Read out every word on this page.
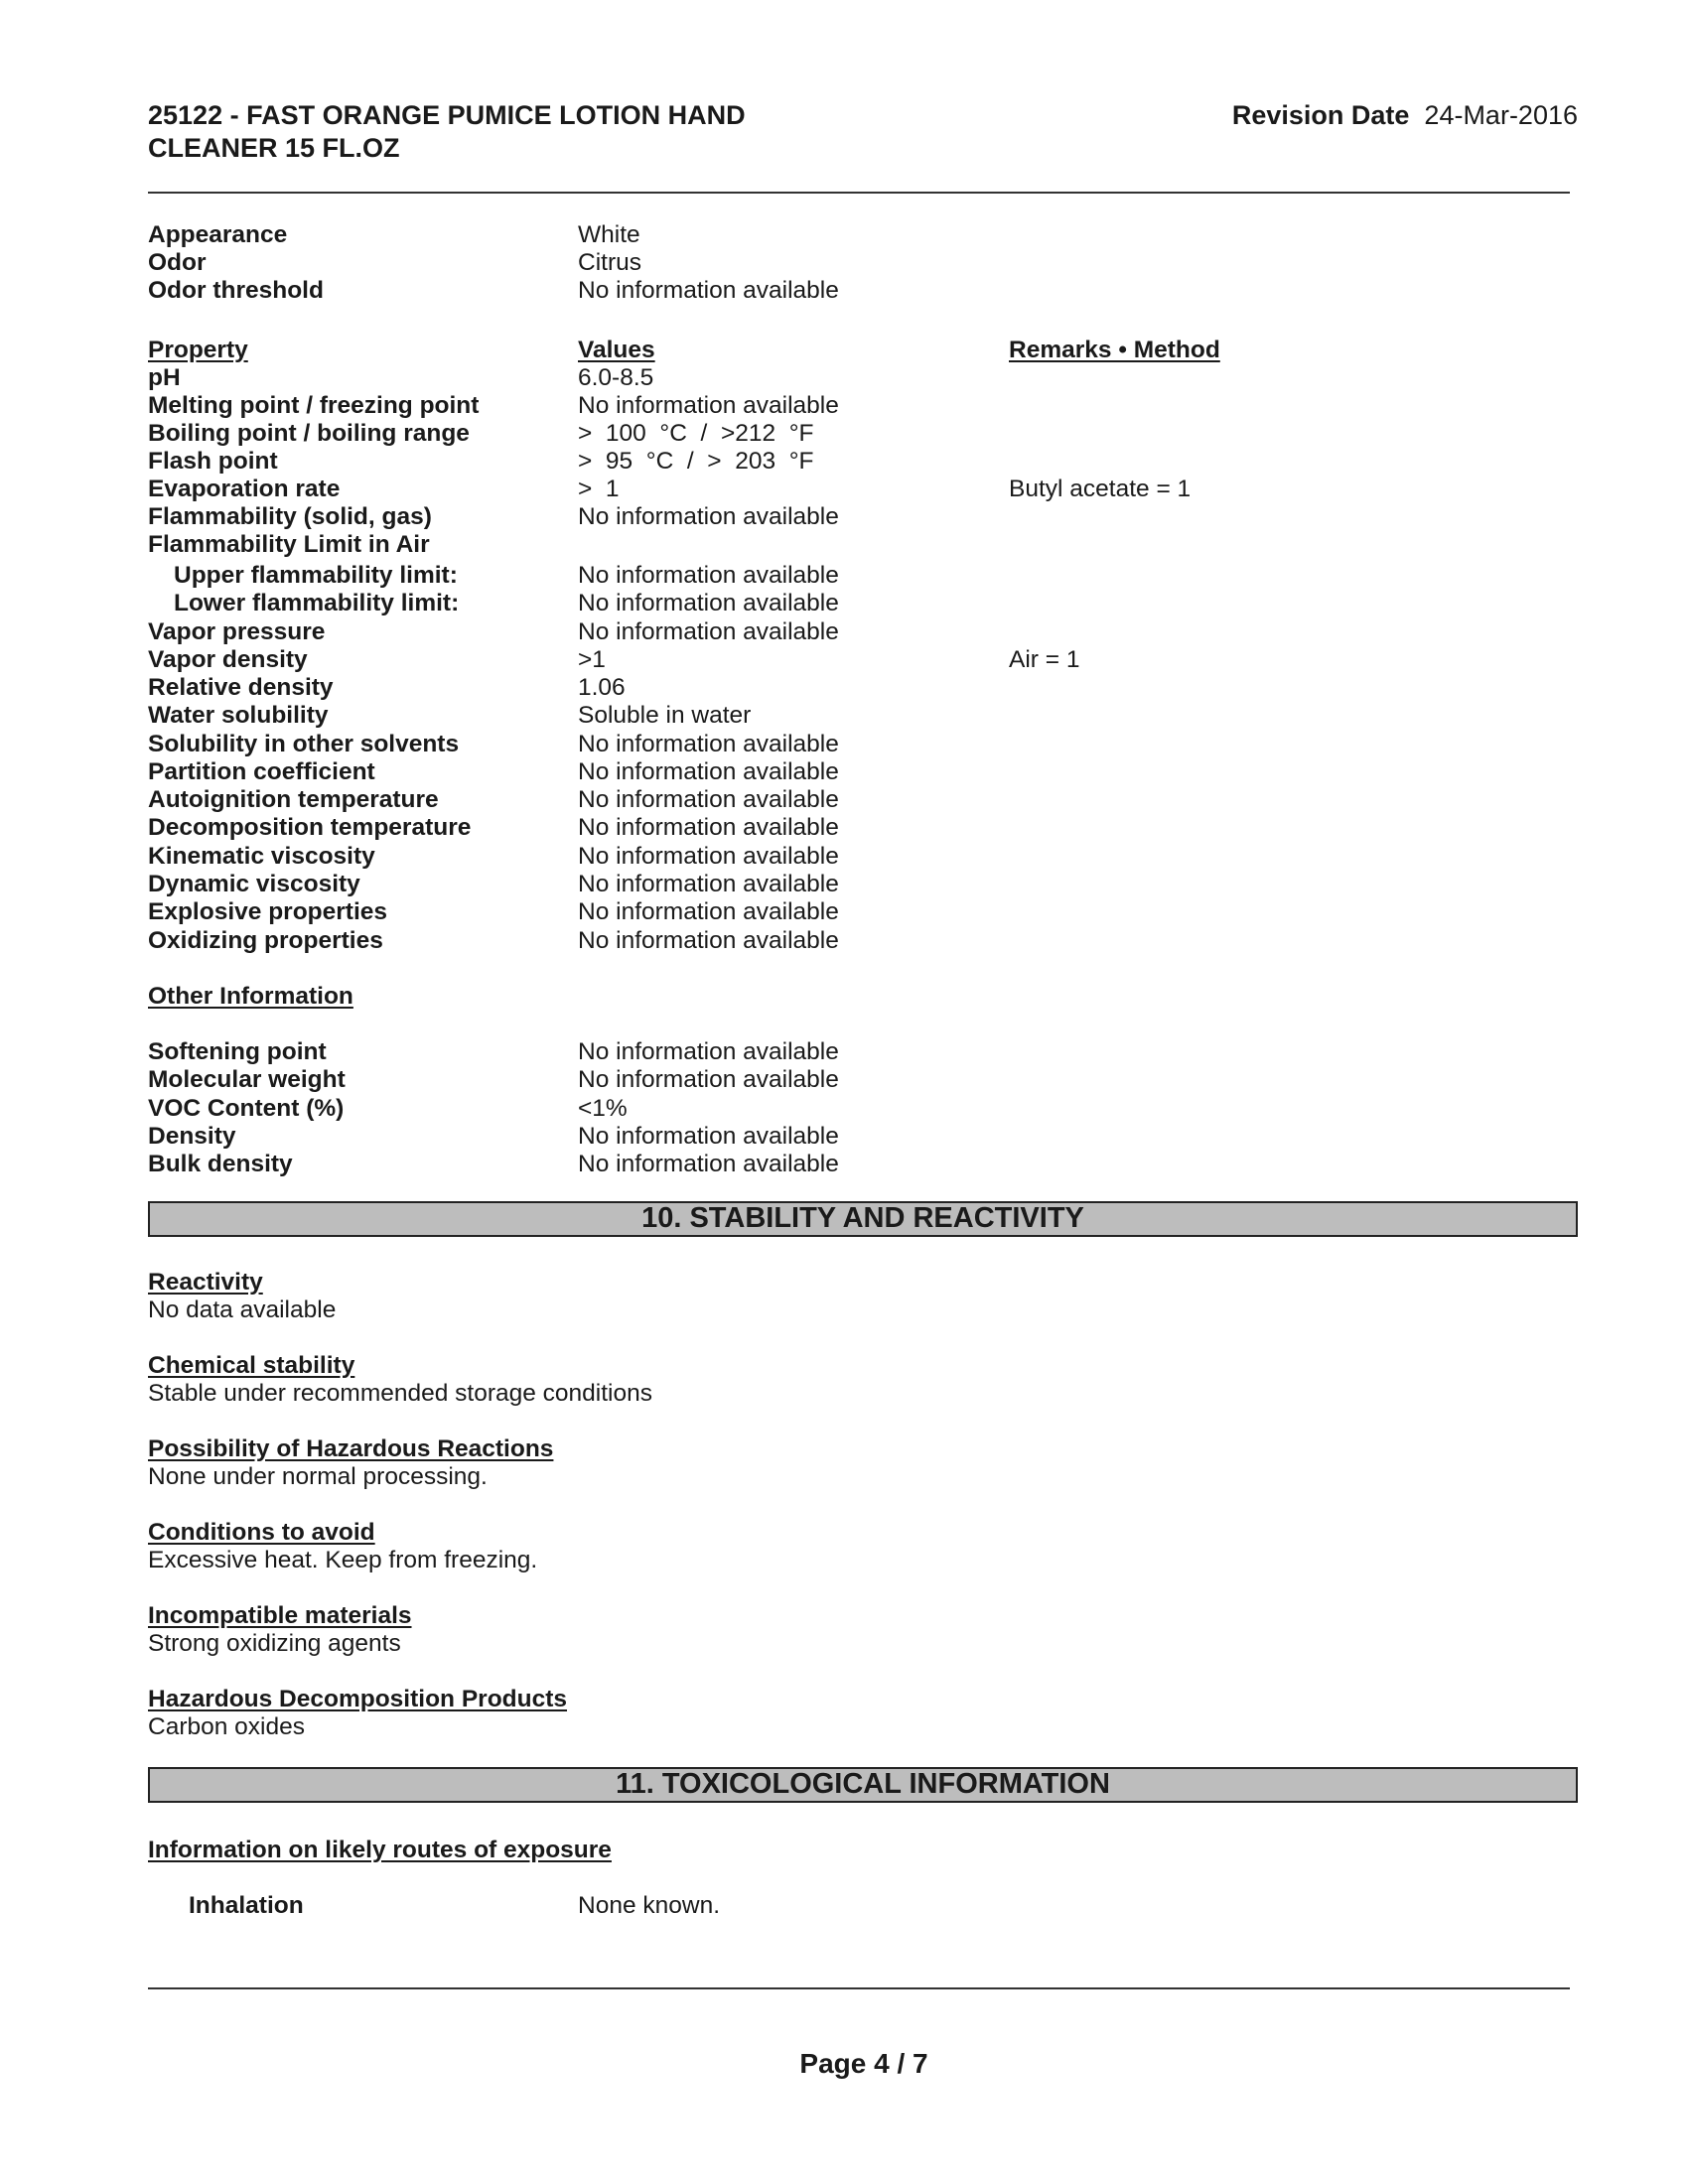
25122 - FAST ORANGE PUMICE LOTION HAND
CLEANER 15 FL.OZ
Revision Date 24-Mar-2016
Appearance	White
Odor	Citrus
Odor threshold	No information available
Property	Values	Remarks • Method
pH	6.0-8.5
Melting point / freezing point	No information available
Boiling point / boiling range	>  100  °C  /  >212  °F
Flash point	>  95  °C  /  >  203  °F
Evaporation rate	>  1	Butyl acetate = 1
Flammability (solid, gas)	No information available
Flammability Limit in Air
Upper flammability limit:	No information available
Lower flammability limit:	No information available
Vapor pressure	No information available
Vapor density	>1	Air = 1
Relative density	1.06
Water solubility	Soluble in water
Solubility in other solvents	No information available
Partition coefficient	No information available
Autoignition temperature	No information available
Decomposition temperature	No information available
Kinematic viscosity	No information available
Dynamic viscosity	No information available
Explosive properties	No information available
Oxidizing properties	No information available
Other Information
Softening point	No information available
Molecular weight	No information available
VOC Content (%)	<1%
Density	No information available
Bulk density	No information available
10. STABILITY AND REACTIVITY
Reactivity
No data available
Chemical stability
Stable under recommended storage conditions
Possibility of Hazardous Reactions
None under normal processing.
Conditions to avoid
Excessive heat. Keep from freezing.
Incompatible materials
Strong oxidizing agents
Hazardous Decomposition Products
Carbon oxides
11. TOXICOLOGICAL INFORMATION
Information on likely routes of exposure
Inhalation	None known.
Page 4 / 7
